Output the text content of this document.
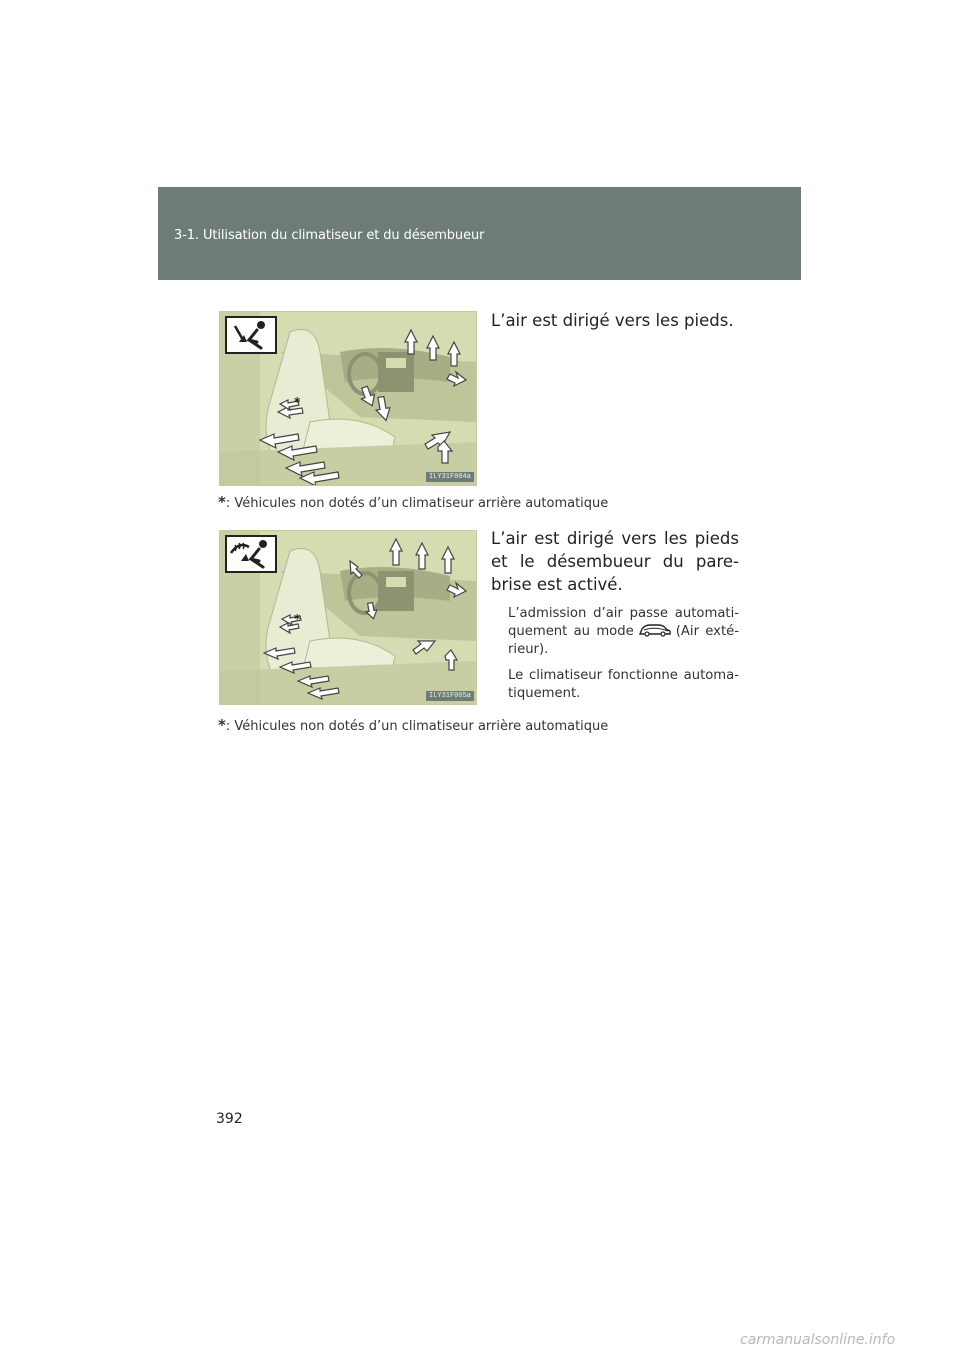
3-1. Utilisation du climatiseur et du désembueur
*
ILY31F004a

L’air est dirigé vers les pieds.

*: Véhicules non dotés d’un climatiseur arrière automatique

*
ILY31F005a

L’air est dirigé vers les pieds et le désembueur du pare-brise est activé.

L’admission d’air passe automati-quement au mode	(Air exté-rieur).

Le climatiseur fonctionne automa-tiquement.

*: Véhicules non dotés d’un climatiseur arrière automatique

392
carmanualsonline.info
